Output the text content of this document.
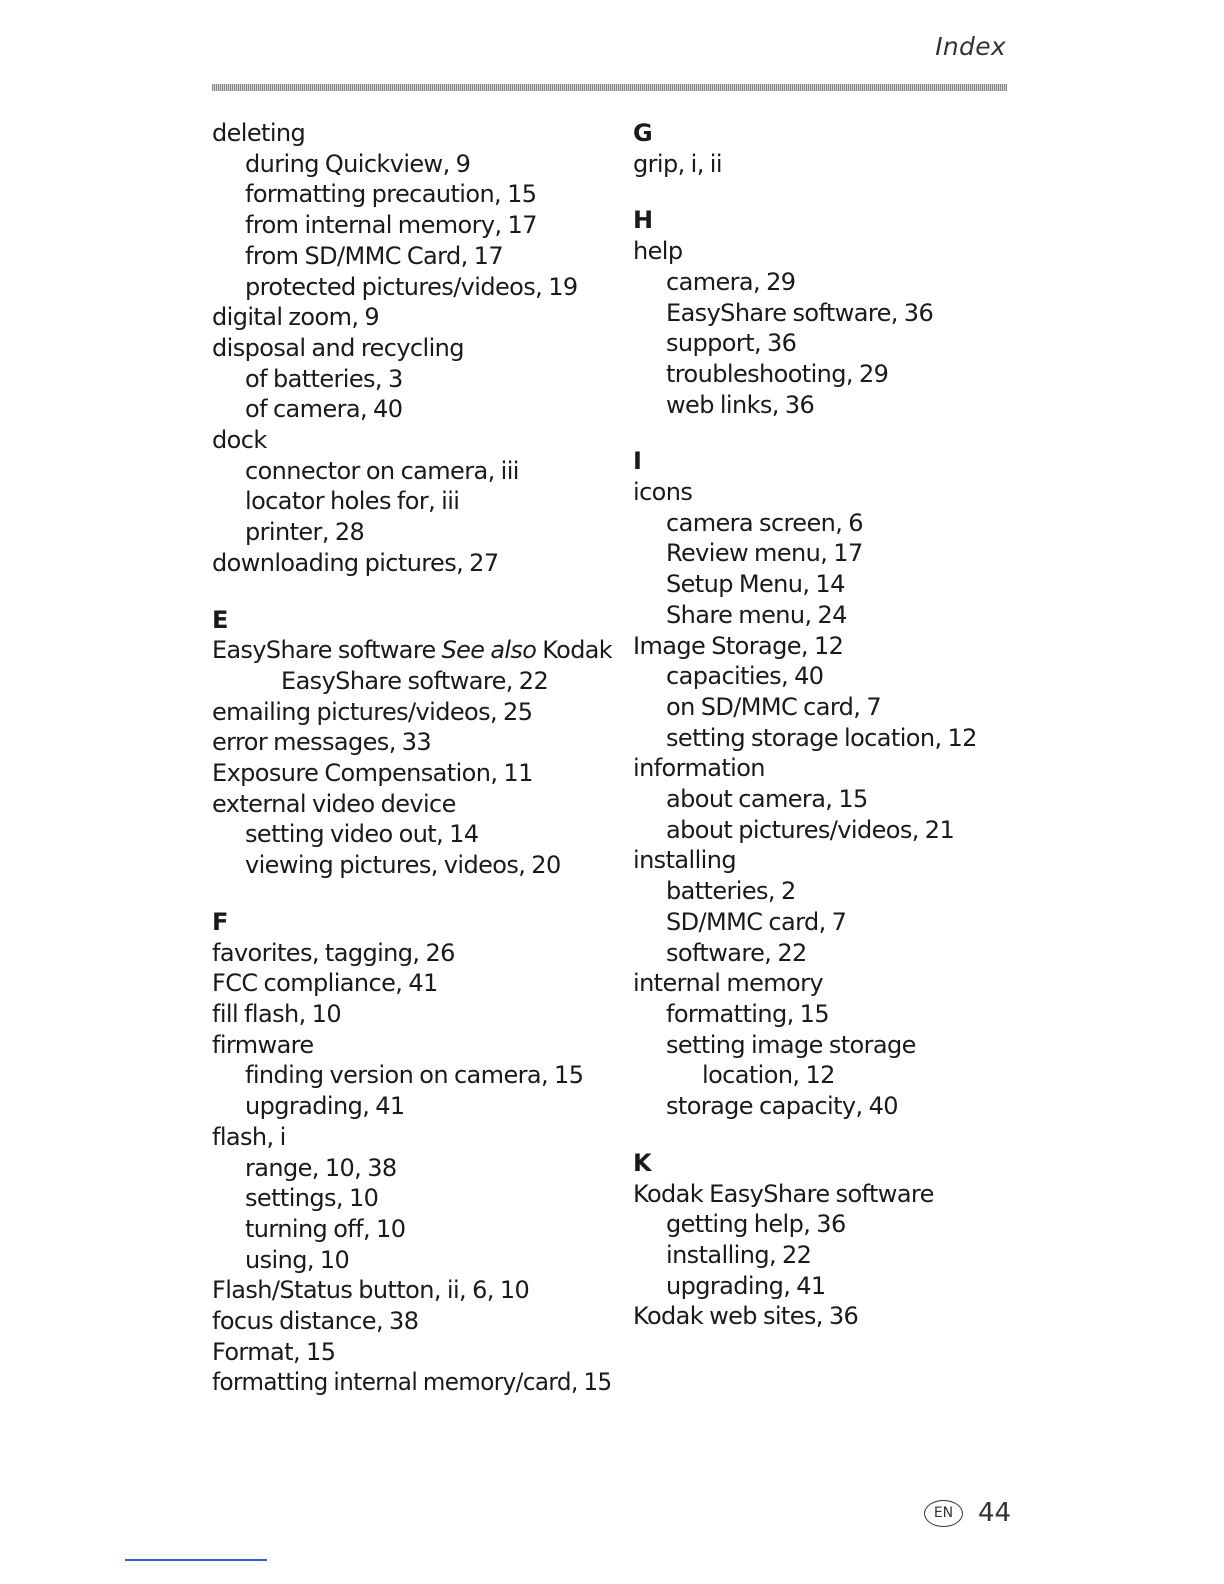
Index
deleting
during Quickview, 9
formatting precaution, 15
from internal memory, 17
from SD/MMC Card, 17
protected pictures/videos, 19
digital zoom, 9
disposal and recycling
of batteries, 3
of camera, 40
dock
connector on camera, iii
locator holes for, iii
printer, 28
downloading pictures, 27
E
EasyShare software See also Kodak
EasyShare software, 22
emailing pictures/videos, 25
error messages, 33
Exposure Compensation, 11
external video device
setting video out, 14
viewing pictures, videos, 20
F
favorites, tagging, 26
FCC compliance, 41
fill flash, 10
firmware
finding version on camera, 15
upgrading, 41
flash, i
range, 10, 38
settings, 10
turning off, 10
using, 10
Flash/Status button, ii, 6, 10
focus distance, 38
Format, 15
formatting internal memory/card, 15
G
grip, i, ii
H
help
camera, 29
EasyShare software, 36
support, 36
troubleshooting, 29
web links, 36
I
icons
camera screen, 6
Review menu, 17
Setup Menu, 14
Share menu, 24
Image Storage, 12
capacities, 40
on SD/MMC card, 7
setting storage location, 12
information
about camera, 15
about pictures/videos, 21
installing
batteries, 2
SD/MMC card, 7
software, 22
internal memory
formatting, 15
setting image storage
location, 12
storage capacity, 40
K
Kodak EasyShare software
getting help, 36
installing, 22
upgrading, 41
Kodak web sites, 36
EN 44
